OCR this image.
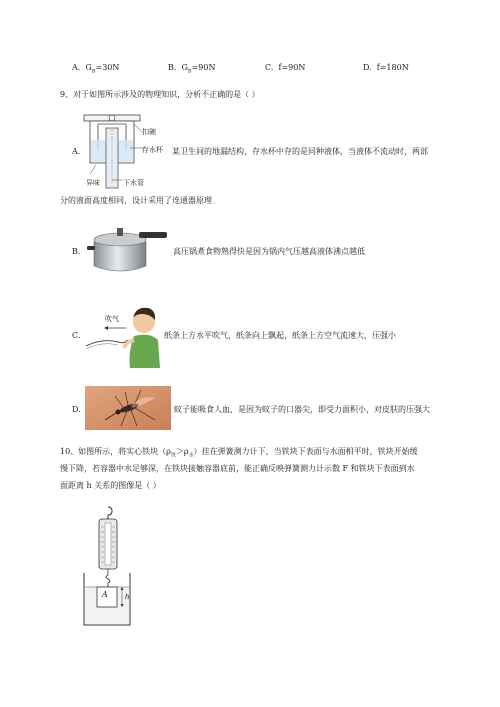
A. $G_B=30N$	B. $G_B=90N$	C. f=90N	D. f=180N
9、对于如图所示涉及的物理知识，分析不正确的是（ ）
A.
扣碗
存水杯
异味	下水管
某卫生间的地漏结构，存水杯中存的是同种液体，当液体不流动时，两部
分的液面高度相同，设计采用了连通器原理
B.	高压锅煮食物熟得快是因为锅内气压越高液体沸点越低
C.
吹气
纸条上方水平吹气，纸条向上飘起，纸条上方空气流速大，压强小
D.	蚊子能吸食人血，是因为蚊子的口器尖，即受力面积小，对皮肤的压强大
10、如图所示，将实心铁块$(\rho_铁>\rho_水)$挂在弹簧测力计下，当铁块下表面与水面相平时，铁块开始缓
慢下降，若容器中水足够深，在铁块接触容器底前，能正确反映弹簧测力计示数 F 和铁块下表面到水
面距离 h 关系的图像是（ ）
A h
